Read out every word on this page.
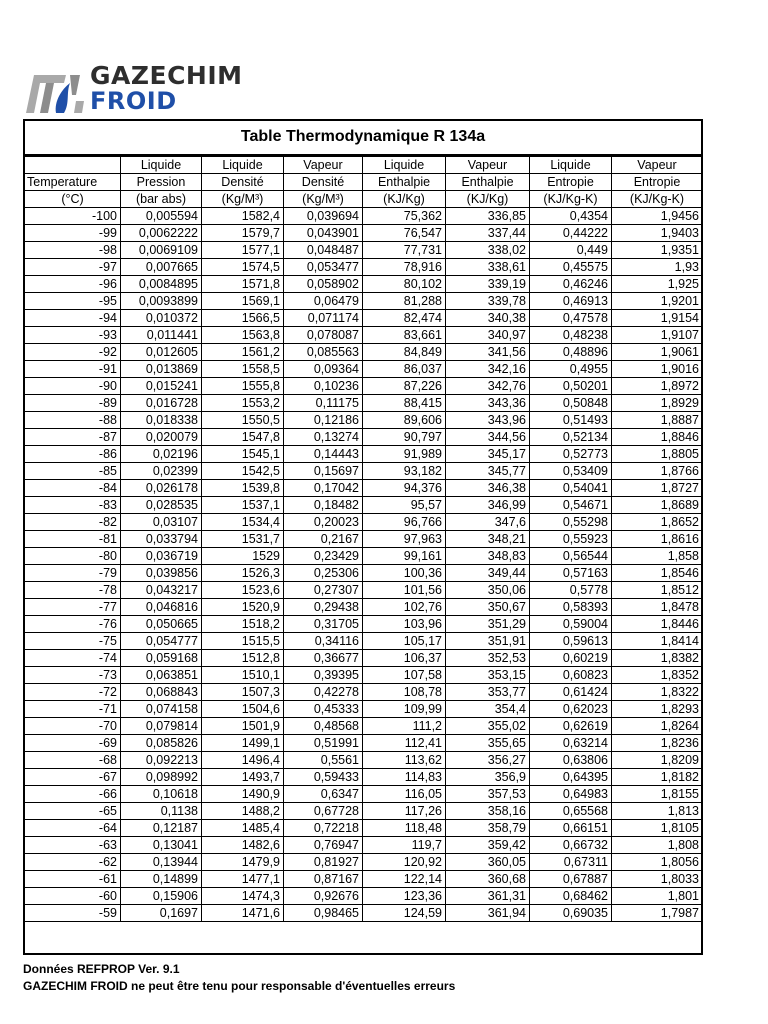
GAZECHIM
FROID
Table Thermodynamique R 134a
	Liquide	Liquide	Vapeur	Liquide	Vapeur	Liquide	Vapeur
Temperature	Pression	Densité	Densité	Enthalpie	Enthalpie	Entropie	Entropie
(°C)	(bar abs)	(Kg/M³)	(Kg/M³)	(KJ/Kg)	(KJ/Kg)	(KJ/Kg-K)	(KJ/Kg-K)
-100	0,005594	1582,4	0,039694	75,362	336,85	0,4354	1,9456
-99	0,0062222	1579,7	0,043901	76,547	337,44	0,44222	1,9403
-98	0,0069109	1577,1	0,048487	77,731	338,02	0,449	1,9351
-97	0,007665	1574,5	0,053477	78,916	338,61	0,45575	1,93
-96	0,0084895	1571,8	0,058902	80,102	339,19	0,46246	1,925
-95	0,0093899	1569,1	0,06479	81,288	339,78	0,46913	1,9201
-94	0,010372	1566,5	0,071174	82,474	340,38	0,47578	1,9154
-93	0,011441	1563,8	0,078087	83,661	340,97	0,48238	1,9107
-92	0,012605	1561,2	0,085563	84,849	341,56	0,48896	1,9061
-91	0,013869	1558,5	0,09364	86,037	342,16	0,4955	1,9016
-90	0,015241	1555,8	0,10236	87,226	342,76	0,50201	1,8972
-89	0,016728	1553,2	0,11175	88,415	343,36	0,50848	1,8929
-88	0,018338	1550,5	0,12186	89,606	343,96	0,51493	1,8887
-87	0,020079	1547,8	0,13274	90,797	344,56	0,52134	1,8846
-86	0,02196	1545,1	0,14443	91,989	345,17	0,52773	1,8805
-85	0,02399	1542,5	0,15697	93,182	345,77	0,53409	1,8766
-84	0,026178	1539,8	0,17042	94,376	346,38	0,54041	1,8727
-83	0,028535	1537,1	0,18482	95,57	346,99	0,54671	1,8689
-82	0,03107	1534,4	0,20023	96,766	347,6	0,55298	1,8652
-81	0,033794	1531,7	0,2167	97,963	348,21	0,55923	1,8616
-80	0,036719	1529	0,23429	99,161	348,83	0,56544	1,858
-79	0,039856	1526,3	0,25306	100,36	349,44	0,57163	1,8546
-78	0,043217	1523,6	0,27307	101,56	350,06	0,5778	1,8512
-77	0,046816	1520,9	0,29438	102,76	350,67	0,58393	1,8478
-76	0,050665	1518,2	0,31705	103,96	351,29	0,59004	1,8446
-75	0,054777	1515,5	0,34116	105,17	351,91	0,59613	1,8414
-74	0,059168	1512,8	0,36677	106,37	352,53	0,60219	1,8382
-73	0,063851	1510,1	0,39395	107,58	353,15	0,60823	1,8352
-72	0,068843	1507,3	0,42278	108,78	353,77	0,61424	1,8322
-71	0,074158	1504,6	0,45333	109,99	354,4	0,62023	1,8293
-70	0,079814	1501,9	0,48568	111,2	355,02	0,62619	1,8264
-69	0,085826	1499,1	0,51991	112,41	355,65	0,63214	1,8236
-68	0,092213	1496,4	0,5561	113,62	356,27	0,63806	1,8209
-67	0,098992	1493,7	0,59433	114,83	356,9	0,64395	1,8182
-66	0,10618	1490,9	0,6347	116,05	357,53	0,64983	1,8155
-65	0,1138	1488,2	0,67728	117,26	358,16	0,65568	1,813
-64	0,12187	1485,4	0,72218	118,48	358,79	0,66151	1,8105
-63	0,13041	1482,6	0,76947	119,7	359,42	0,66732	1,808
-62	0,13944	1479,9	0,81927	120,92	360,05	0,67311	1,8056
-61	0,14899	1477,1	0,87167	122,14	360,68	0,67887	1,8033
-60	0,15906	1474,3	0,92676	123,36	361,31	0,68462	1,801
-59	0,1697	1471,6	0,98465	124,59	361,94	0,69035	1,7987
Données REFPROP Ver. 9.1
GAZECHIM FROID ne peut être tenu pour responsable d'éventuelles erreurs
